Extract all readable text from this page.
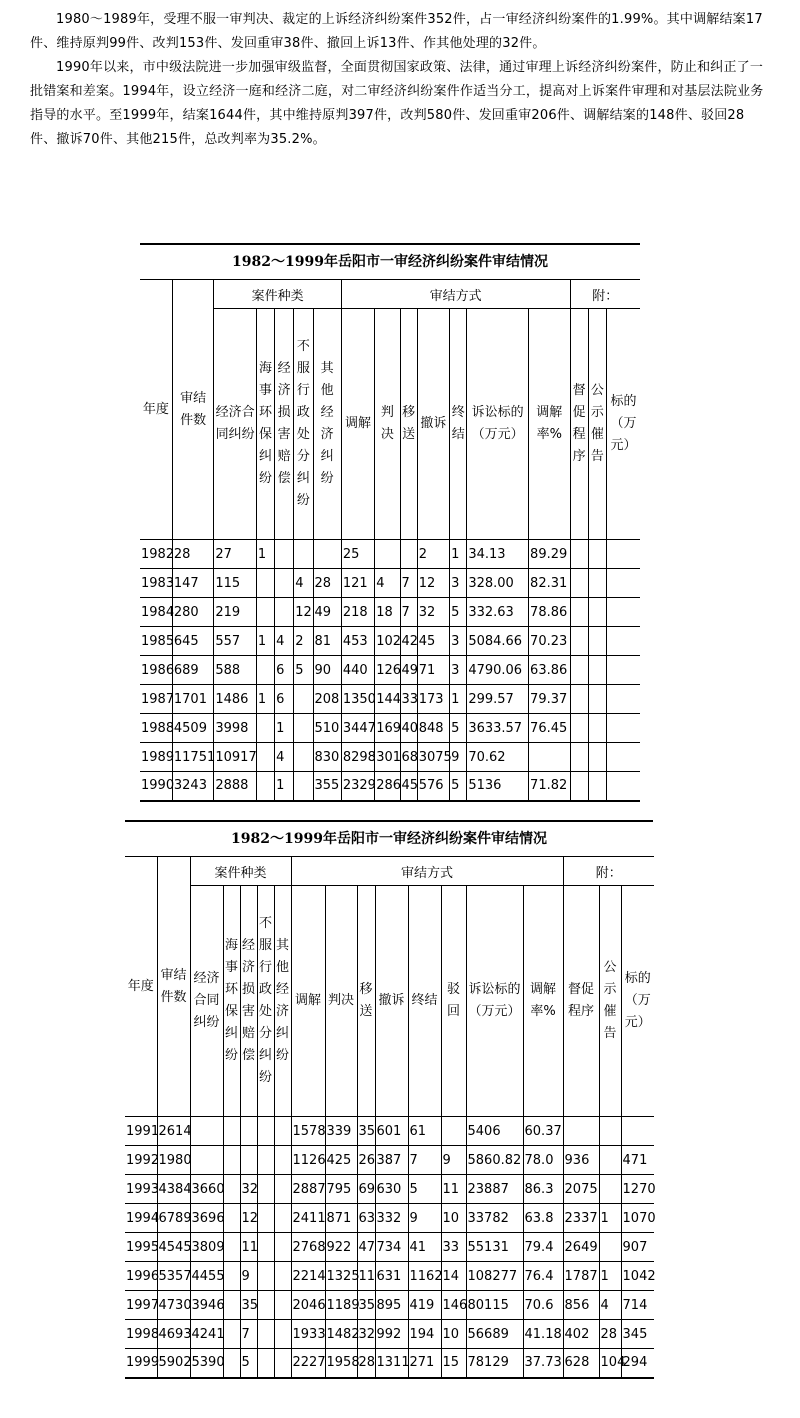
1980～1989年，受理不服一审判决、裁定的上诉经济纠纷案件352件，占一审经济纠纷案件的1.99%。其中调解结案17件、维持原判99件、改判153件、发回重审38件、撤回上诉13件、作其他处理的32件。

1990年以来，市中级法院进一步加强审级监督，全面贯彻国家政策、法律，通过审理上诉经济纠纷案件，防止和纠正了一批错案和差案。1994年，设立经济一庭和经济二庭，对二审经济纠纷案件作适当分工，提高对上诉案件审理和对基层法院业务指导的水平。至1999年，结案1644件，其中维持原判397件，改判580件、发回重审206件、调解结案的148件、驳回28件、撤诉70件、其他215件，总改判率为35.2%。

1982～1999年岳阳市一审经济纠纷案件审结情况
年度	审结件数	案件种类					审结方式							附：		
		经济合同纠纷	海事环保纠纷	经济损害赔偿	不服行政处分纠纷	其他经济纠纷	调解	判决	移送	撤诉	终结	诉讼标的（万元）	调解率%	督促程序	公示催告	标的（万元）
1982	28	27	1				25			2	1	34.13	89.29			
1983	147	115			4	28	121	4	7	12	3	328.00	82.31			
1984	280	219			12	49	218	18	7	32	5	332.63	78.86			
1985	645	557	1	4	2	81	453	102	42	45	3	5084.66	70.23			
1986	689	588		6	5	90	440	126	49	71	3	4790.06	63.86			
1987	1701	1486	1	6		208	1350	144	33	173	1	299.57	79.37			
1988	4509	3998		1		510	3447	169	40	848	5	3633.57	76.45			
1989	11751	10917		4		830	8298	301	68	3075	9	70.62				
1990	3243	2888		1		355	2329	286	45	576	5	5136	71.82			
1982～1999年岳阳市一审经济纠纷案件审结情况
年度	审结件数	案件种类					审结方式								附：		
		经济合同纠纷	海事环保纠纷	经济损害赔偿	不服行政处分纠纷	其他经济纠纷	调解	判决	移送	撤诉	终结	驳回	诉讼标的（万元）	调解率%	督促程序	公示催告	标的（万元）
1991	2614						1578	339	35	601	61		5406	60.37			
1992	1980						1126	425	26	387	7	9	5860.82	78.0	936		471
1993	4384	3660		32			2887	795	69	630	5	11	23887	86.3	2075		1270
1994	6789	3696		12			2411	871	63	332	9	10	33782	63.8	2337	1	1070
1995	4545	3809		11			2768	922	47	734	41	33	55131	79.4	2649		907
1996	5357	4455		9			2214	1325	11	631	1162	14	108277	76.4	1787	1	1042
1997	4730	3946		35			2046	1189	35	895	419	146	80115	70.6	856	4	714
1998	4693	4241		7			1933	1482	32	992	194	10	56689	41.18	402	28	345
1999	5902	5390		5			2227	1958	28	1311	271	15	78129	37.73	628	104	294
